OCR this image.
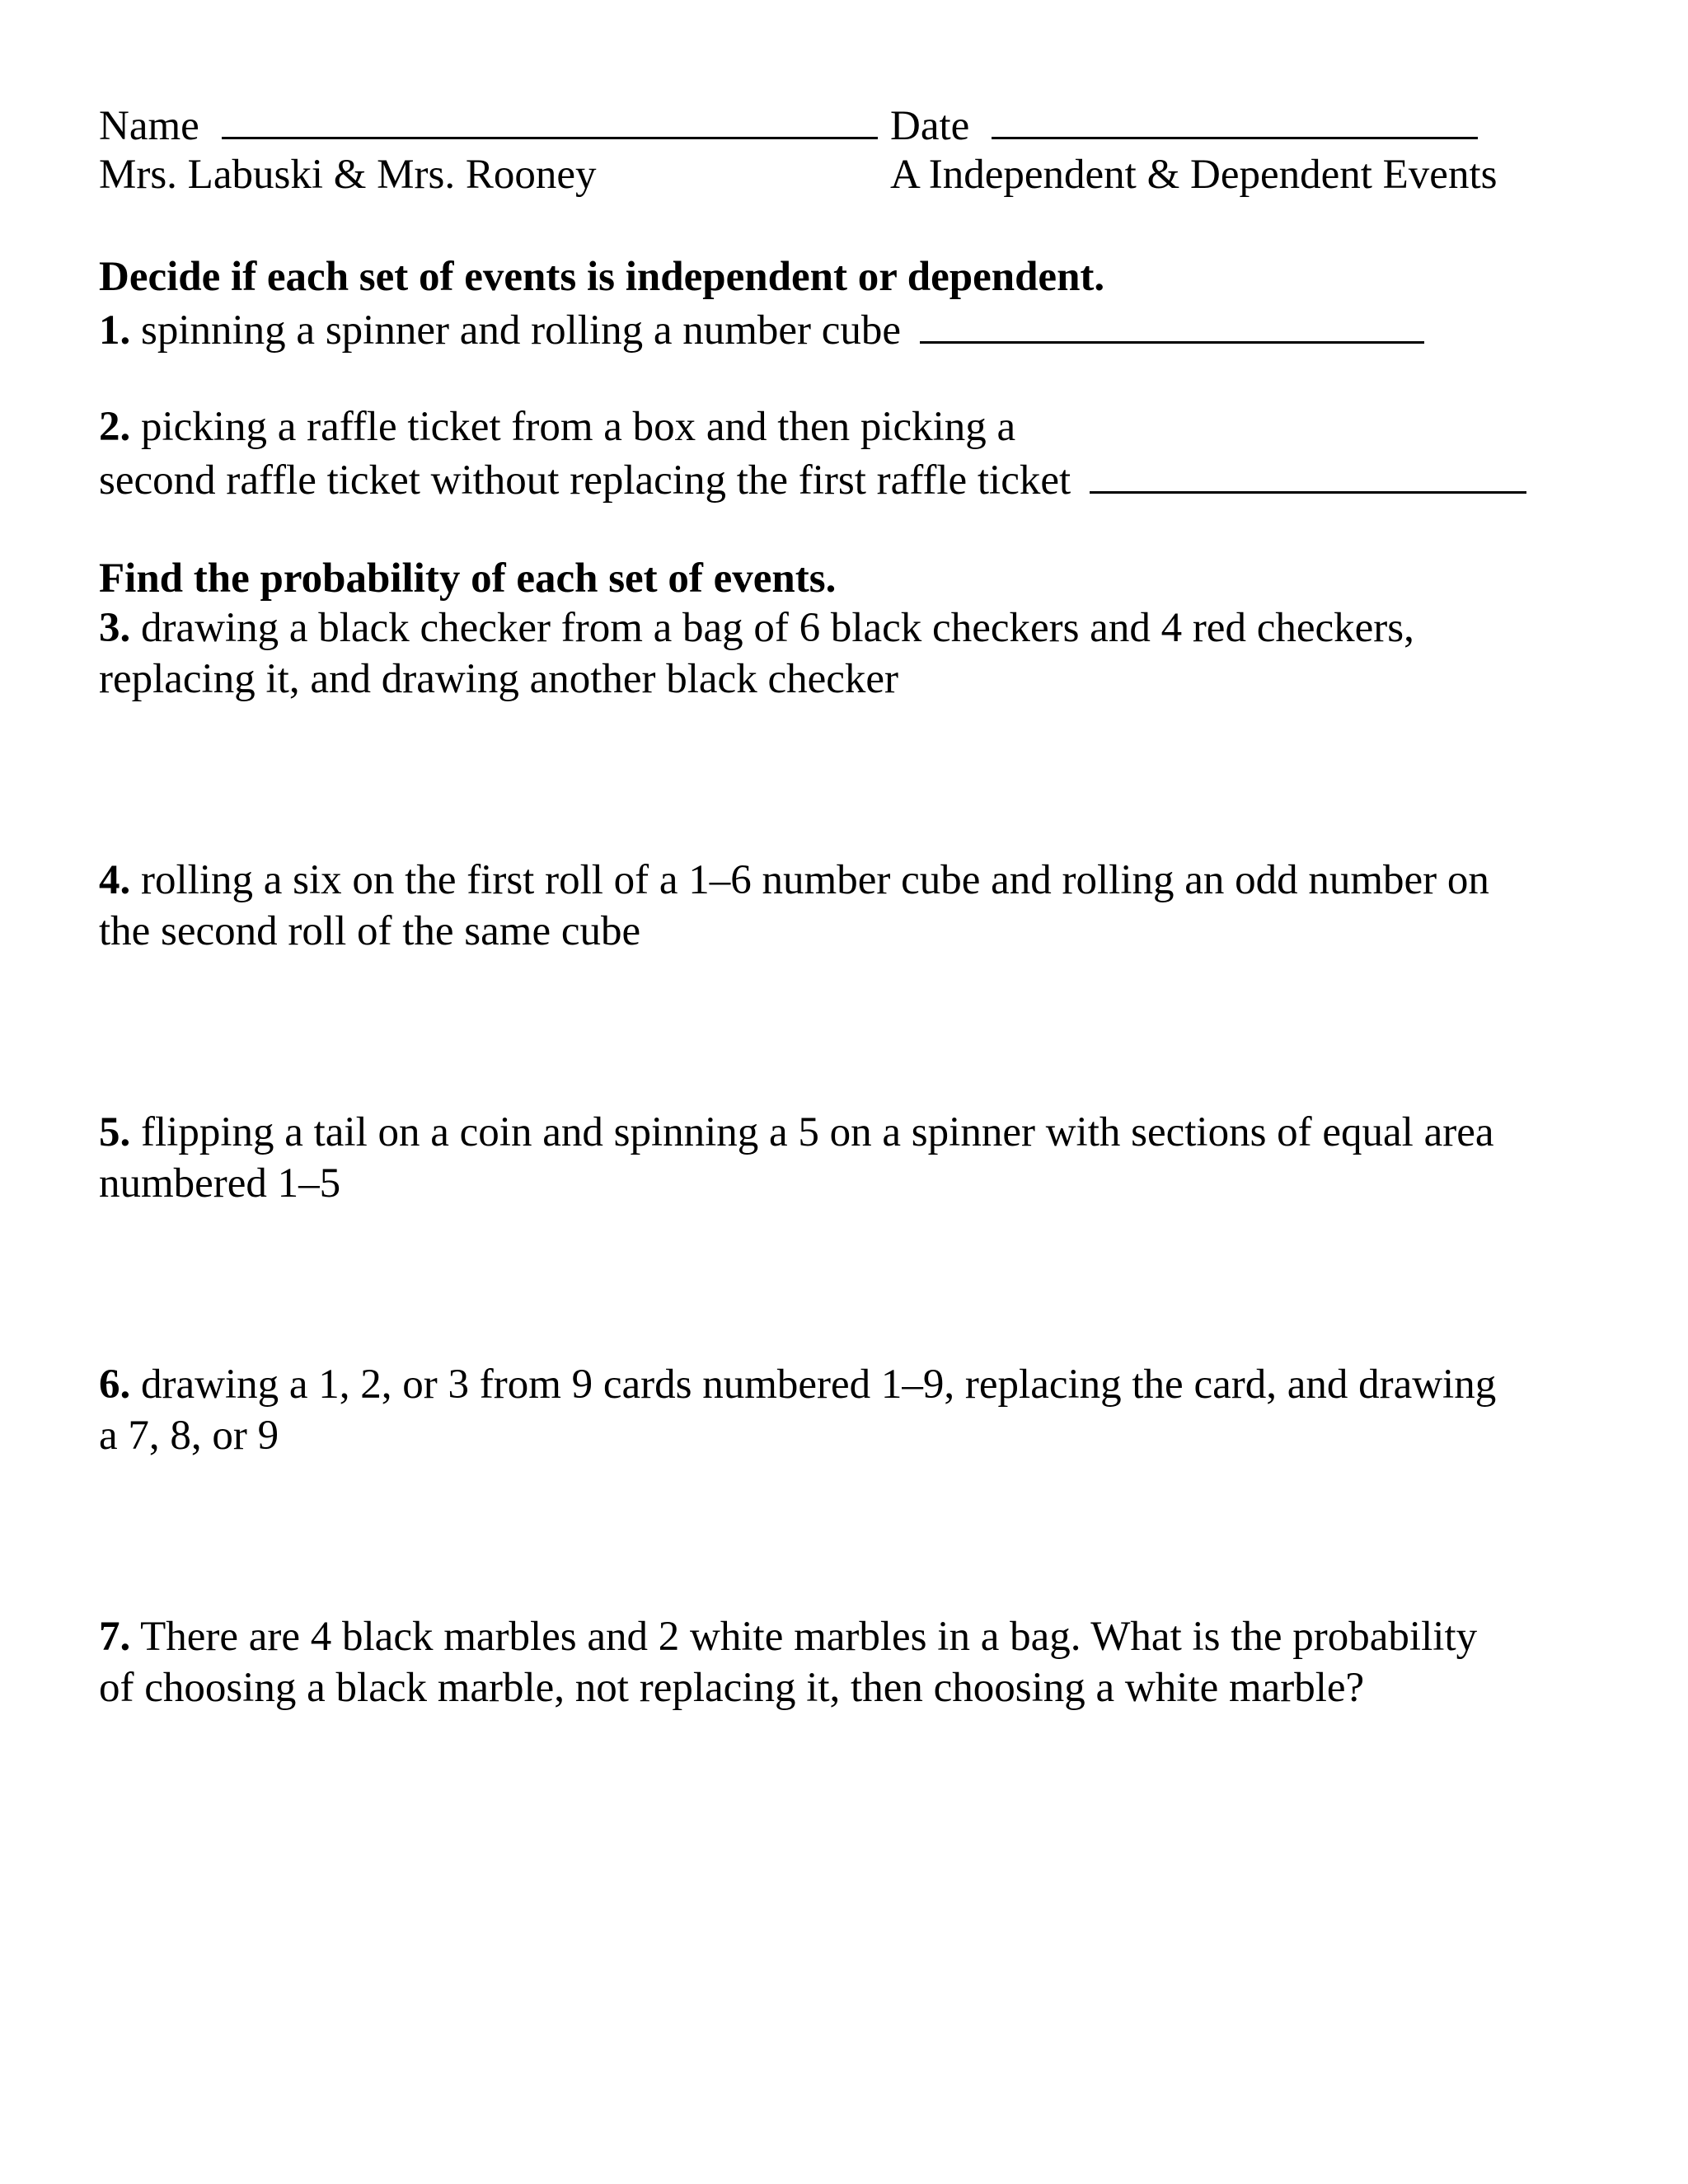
Name	Date
Mrs. Labuski & Mrs. Rooney	A Independent & Dependent Events
Decide if each set of events is independent or dependent.
1. spinning a spinner and rolling a number cube
2. picking a raffle ticket from a box and then picking a
second raffle ticket without replacing the first raffle ticket
Find the probability of each set of events.
3. drawing a black checker from a bag of 6 black checkers and 4 red checkers,
replacing it, and drawing another black checker
4. rolling a six on the first roll of a 1–6 number cube and rolling an odd number on
the second roll of the same cube
5. flipping a tail on a coin and spinning a 5 on a spinner with sections of equal area
numbered 1–5
6. drawing a 1, 2, or 3 from 9 cards numbered 1–9, replacing the card, and drawing
a 7, 8, or 9
7. There are 4 black marbles and 2 white marbles in a bag. What is the probability
of choosing a black marble, not replacing it, then choosing a white marble?
